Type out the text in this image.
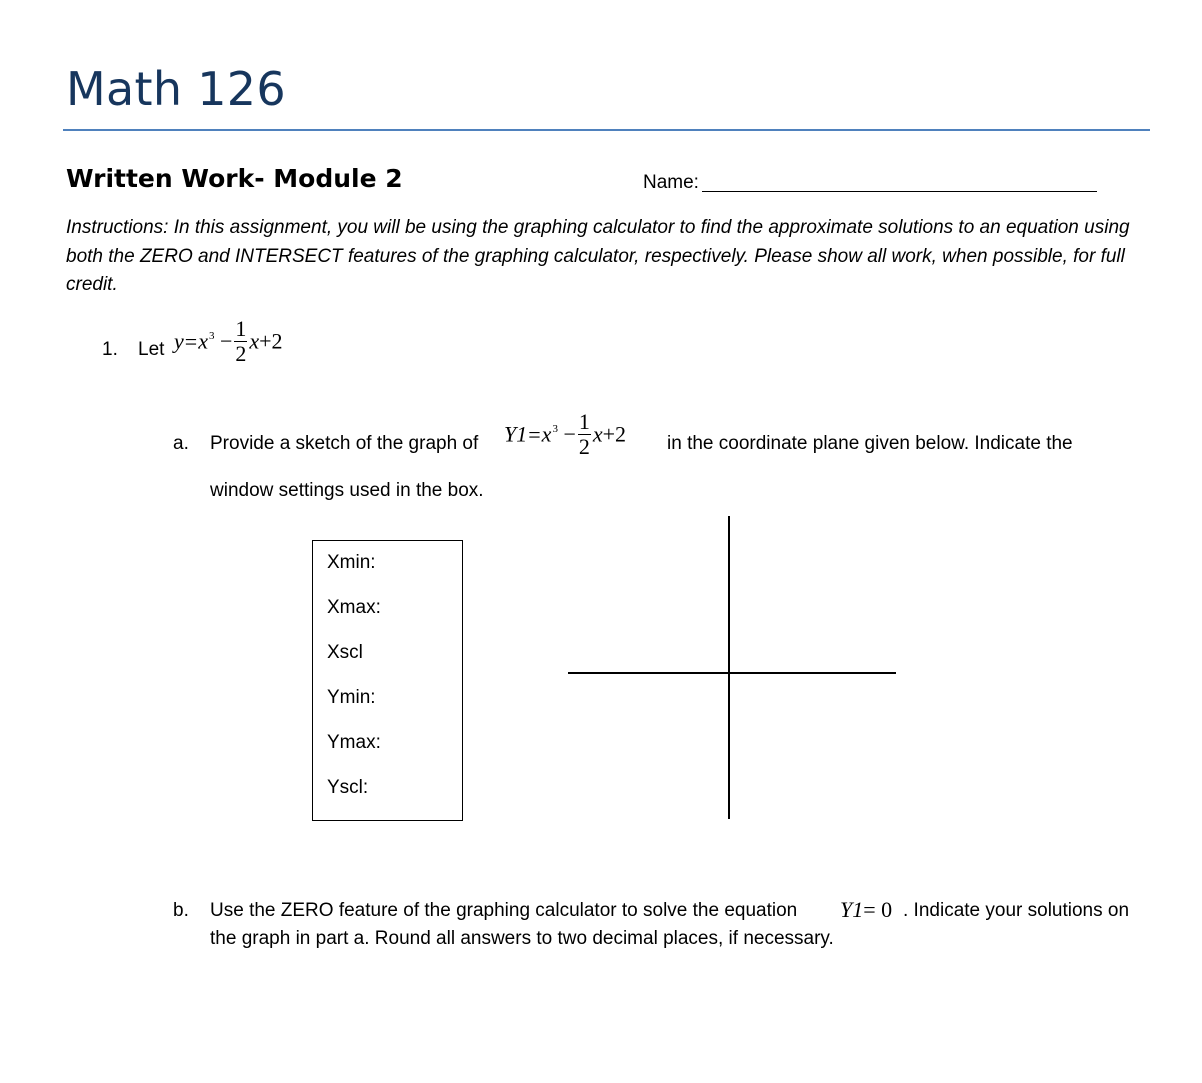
Math 126
Written Work- Module 2	Name:
Instructions: In this assignment, you will be using the graphing calculator to find the approximate solutions to an equation using both the ZERO and INTERSECT features of the graphing calculator, respectively. Please show all work, when possible, for full credit.
1. Let $y=x^3 - \frac{1}{2} x+2$
a. Provide a sketch of the graph of $Y1=x^3 - \frac{1}{2} x+2$ in the coordinate plane given below. Indicate the
window settings used in the box.
Xmin:
Xmax:
Xscl
Ymin:
Ymax:
Yscl:
b. Use the ZERO feature of the graphing calculator to solve the equation Y1= 0 . Indicate your solutions on
the graph in part a. Round all answers to two decimal places, if necessary.
